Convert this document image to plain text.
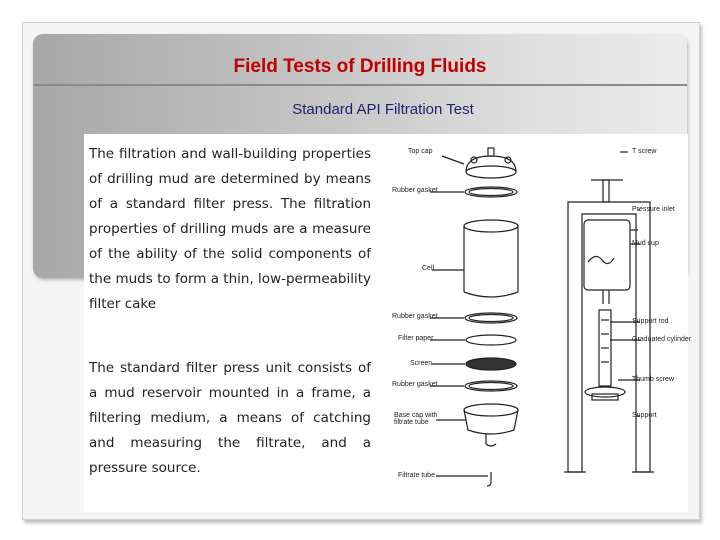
Field Tests of Drilling Fluids
Standard API Filtration Test
The filtration and wall-building properties of drilling mud are determined by means of a standard filter press. The filtration properties of drilling muds are a measure of the ability of the solid components of the muds to form a thin, low-permeability filter cake
The standard filter press unit consists of a mud reservoir mounted in a frame, a filtering medium, a means of catching and measuring the filtrate, and a pressure source.
Top cap
Rubber gasket
Cell
Rubber gasket
Filter paper
Screen
Rubber gasket
Base cap with
filtrate tube
Filtrate tube
T screw
Pressure inlet
Mud cup
Support rod
Graduated cylinder
Thumb screw
Support
